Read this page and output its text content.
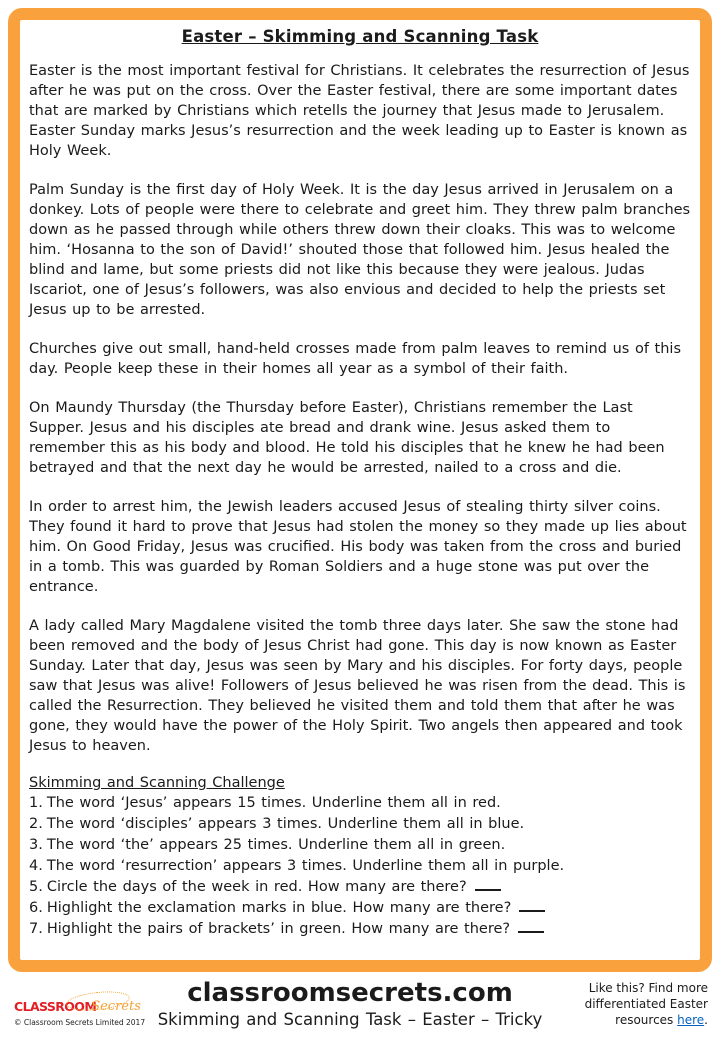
Easter – Skimming and Scanning Task

Easter is the most important festival for Christians. It celebrates the resurrection of Jesus after he was put on the cross. Over the Easter festival, there are some important dates that are marked by Christians which retells the journey that Jesus made to Jerusalem. Easter Sunday marks Jesus’s resurrection and the week leading up to Easter is known as Holy Week.

Palm Sunday is the first day of Holy Week. It is the day Jesus arrived in Jerusalem on a donkey. Lots of people were there to celebrate and greet him. They threw palm branches down as he passed through while others threw down their cloaks. This was to welcome him. ‘Hosanna to the son of David!’ shouted those that followed him. Jesus healed the blind and lame, but some priests did not like this because they were jealous. Judas Iscariot, one of Jesus’s followers, was also envious and decided to help the priests set Jesus up to be arrested.

Churches give out small, hand-held crosses made from palm leaves to remind us of this day. People keep these in their homes all year as a symbol of their faith.

On Maundy Thursday (the Thursday before Easter), Christians remember the Last Supper. Jesus and his disciples ate bread and drank wine. Jesus asked them to remember this as his body and blood. He told his disciples that he knew he had been betrayed and that the next day he would be arrested, nailed to a cross and die.

In order to arrest him, the Jewish leaders accused Jesus of stealing thirty silver coins. They found it hard to prove that Jesus had stolen the money so they made up lies about him. On Good Friday, Jesus was crucified. His body was taken from the cross and buried in a tomb. This was guarded by Roman Soldiers and a huge stone was put over the entrance.

A lady called Mary Magdalene visited the tomb three days later. She saw the stone had been removed and the body of Jesus Christ had gone. This day is now known as Easter Sunday. Later that day, Jesus was seen by Mary and his disciples. For forty days, people saw that Jesus was alive! Followers of Jesus believed he was risen from the dead. This is called the Resurrection. They believed he visited them and told them that after he was gone, they would have the power of the Holy Spirit. Two angels then appeared and took Jesus to heaven.

Skimming and Scanning Challenge
1. The word ‘Jesus’ appears 15 times. Underline them all in red.
2. The word ‘disciples’ appears 3 times. Underline them all in blue.
3. The word ‘the’ appears 25 times. Underline them all in green.
4. The word ‘resurrection’ appears 3 times. Underline them all in purple.
5. Circle the days of the week in red. How many are there?
6. Highlight the exclamation marks in blue. How many are there?
7. Highlight the pairs of brackets’ in green. How many are there?
CLASSROOMSecrets
© Classroom Secrets Limited 2017
classroomsecrets.com
Skimming and Scanning Task – Easter – Tricky
Like this? Find more
differentiated Easter
resources here.
